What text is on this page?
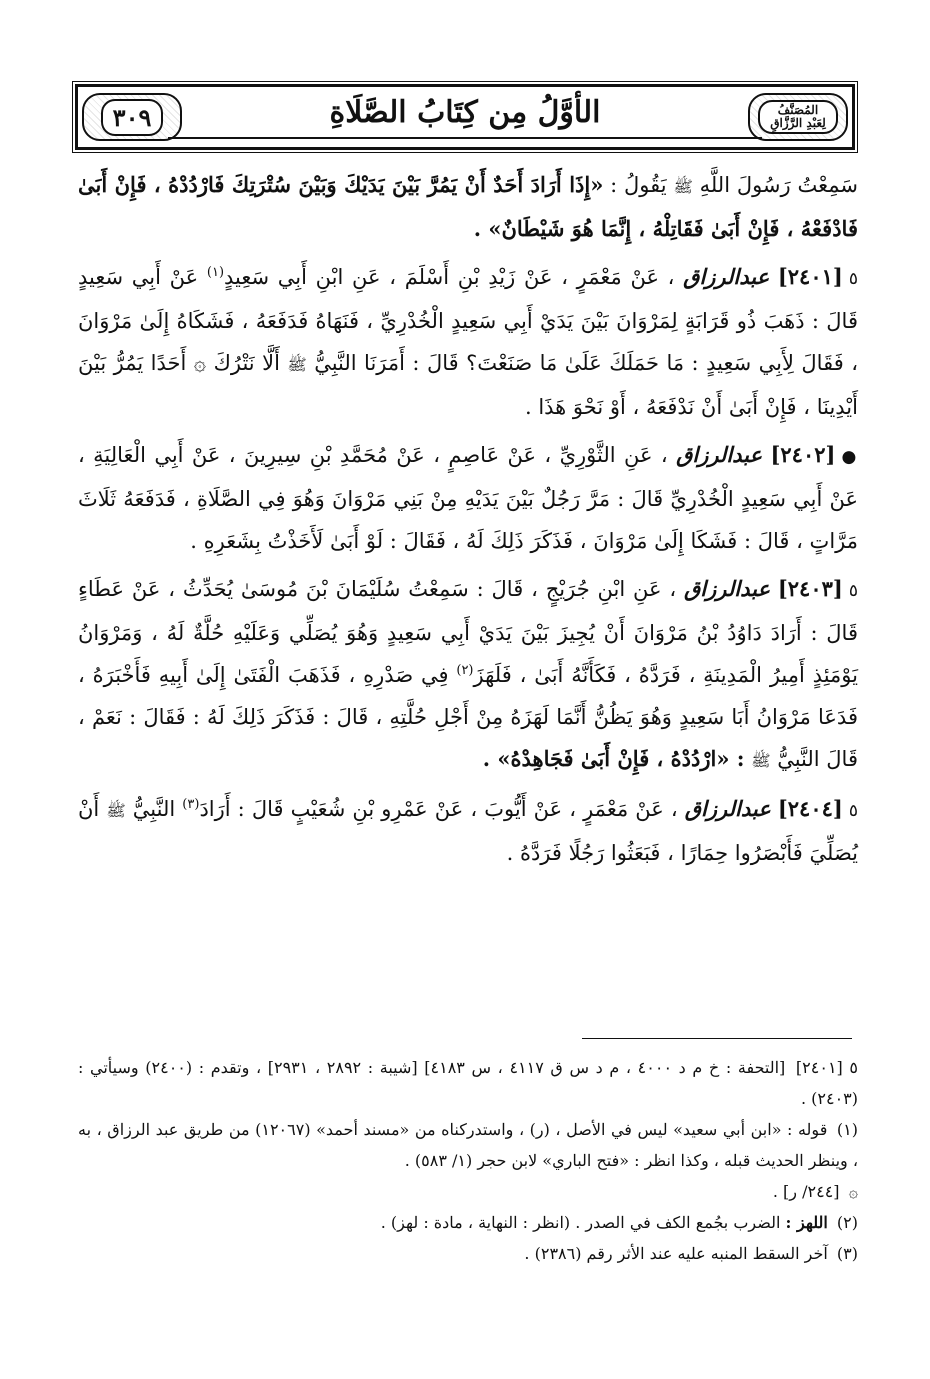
المُصَنَّفُ
لِعَبْدِ الرَّزَّاقِ
الأوَّلُ مِن كِتَابُ الصَّلَاةِ
٣٠٩

سَمِعْتُ رَسُولَ اللَّهِ ﷺ يَقُولُ : «إِذَا أَرَادَ أَحَدٌ أَنْ يَمُرَّ بَيْنَ يَدَيْكَ وَبَيْنَ سُتْرَتِكَ فَارْدُدْهُ ، فَإِنْ أَبَىٰ فَادْفَعْهُ ، فَإِنْ أَبَىٰ فَقَاتِلْهُ ، إِنَّمَا هُوَ شَيْطَانٌ» .

٥[٢٤٠١] عبدالرزاق ، عَنْ مَعْمَرٍ ، عَنْ زَيْدِ بْنِ أَسْلَمَ ، عَنِ ابْنِ أَبِي سَعِيدٍ$^{(١)}$ عَنْ أَبِي سَعِيدٍ قَالَ : ذَهَبَ ذُو قَرَابَةٍ لِمَرْوَانَ بَيْنَ يَدَيْ أَبِي سَعِيدٍ الْخُدْرِيِّ ، فَنَهَاهُ فَدَفَعَهُ ، فَشَكَاهُ إِلَىٰ مَرْوَانَ ، فَقَالَ لِأَبِي سَعِيدٍ : مَا حَمَلَكَ عَلَىٰ مَا صَنَعْتَ؟ قَالَ : أَمَرَنَا النَّبِيُّ ﷺ أَلَّا نَتْرُكَ ۞ أَحَدًا يَمُرُّ بَيْنَ أَيْدِينَا ، فَإِنْ أَبَىٰ أَنْ نَدْفَعَهُ ، أَوْ نَحْوَ هَذَا .

●[٢٤٠٢] عبدالرزاق ، عَنِ الثَّوْرِيِّ ، عَنْ عَاصِمٍ ، عَنْ مُحَمَّدِ بْنِ سِيرِينَ ، عَنْ أَبِي الْعَالِيَةِ ، عَنْ أَبِي سَعِيدٍ الْخُدْرِيِّ قَالَ : مَرَّ رَجُلٌ بَيْنَ يَدَيْهِ مِنْ بَنِي مَرْوَانَ وَهُوَ فِي الصَّلَاةِ ، فَدَفَعَهُ ثَلَاثَ مَرَّاتٍ ، قَالَ : فَشَكَا إِلَىٰ مَرْوَانَ ، فَذَكَرَ ذَلِكَ لَهُ ، فَقَالَ : لَوْ أَبَىٰ لَأَخَذْتُ بِشَعَرِهِ .

٥[٢٤٠٣] عبدالرزاق ، عَنِ ابْنِ جُرَيْجٍ ، قَالَ : سَمِعْتُ سُلَيْمَانَ بْنَ مُوسَىٰ يُحَدِّثُ ، عَنْ عَطَاءٍ قَالَ : أَرَادَ دَاوُدُ بْنُ مَرْوَانَ أَنْ يُجِيزَ بَيْنَ يَدَيْ أَبِي سَعِيدٍ وَهُوَ يُصَلِّي وَعَلَيْهِ حُلَّةٌ لَهُ ، وَمَرْوَانُ يَوْمَئِذٍ أَمِيرُ الْمَدِينَةِ ، فَرَدَّهُ ، فَكَأَنَّهُ أَبَىٰ ، فَلَهَزَ$^{(٢)}$ فِي صَدْرِهِ ، فَذَهَبَ الْفَتَىٰ إِلَىٰ أَبِيهِ فَأَخْبَرَهُ ، فَدَعَا مَرْوَانُ أَبَا سَعِيدٍ وَهُوَ يَظُنُّ أَنَّمَا لَهَزَهُ مِنْ أَجْلِ حُلَّتِهِ ، قَالَ : فَذَكَرَ ذَلِكَ لَهُ : فَقَالَ : نَعَمْ ، قَالَ النَّبِيُّ ﷺ : «ارْدُدْهُ ، فَإِنْ أَبَىٰ فَجَاهِدْهُ» .

٥[٢٤٠٤] عبدالرزاق ، عَنْ مَعْمَرٍ ، عَنْ أَيُّوبَ ، عَنْ عَمْرِو بْنِ شُعَيْبٍ قَالَ : أَرَادَ$^{(٣)}$ النَّبِيُّ ﷺ أَنْ يُصَلِّيَ فَأَبْصَرُوا حِمَارًا ، فَبَعَثُوا رَجُلًا فَرَدَّهُ .

٥ [٢٤٠١] [التحفة : خ م د ٤٠٠٠ ، م د س ق ٤١١٧ ، س ٤١٨٣] [شيبة : ٢٨٩٢ ، ٢٩٣١] ، وتقدم : (٢٤٠٠) وسيأتي : (٢٤٠٣) .

(١) قوله : «ابن أبي سعيد» ليس في الأصل ، (ر) ، واستدركناه من «مسند أحمد» (١٢٠٦٧) من طريق عبد الرزاق ، به ، وينظر الحديث قبله ، وكذا انظر : «فتح الباري» لابن حجر (١/ ٥٨٣) .

۞ [٢٤٤/ ر] .

(٢) اللهز : الضرب بجُمع الكف في الصدر . (انظر : النهاية ، مادة : لهز) .

(٣) آخر السقط المنبه عليه عند الأثر رقم (٢٣٨٦) .
